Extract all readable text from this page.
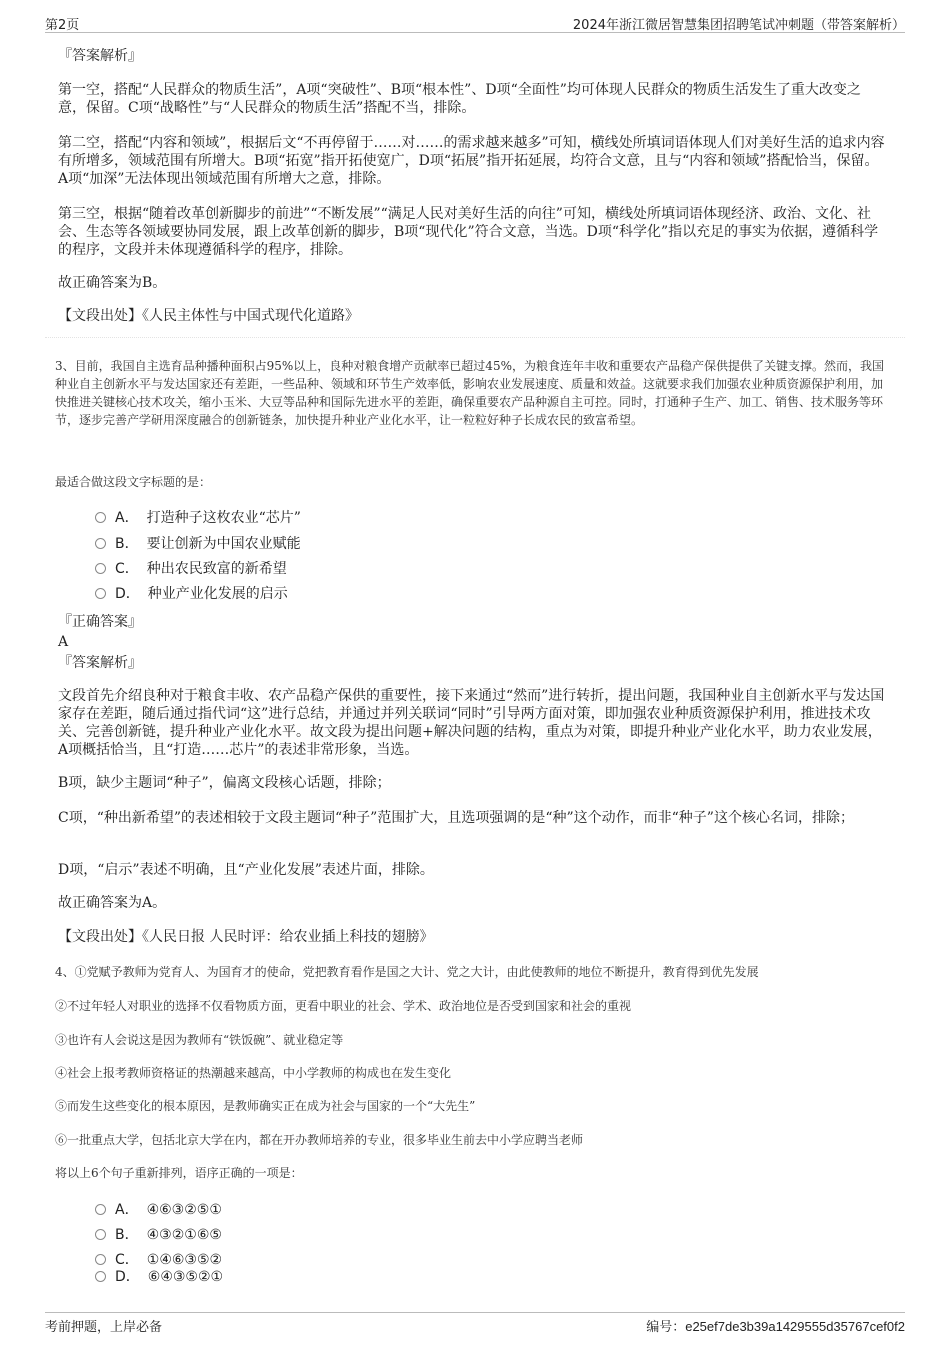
第2页	2024年浙江微居智慧集团招聘笔试冲刺题（带答案解析）
『答案解析』
第一空，搭配“人民群众的物质生活”，A项“突破性”、B项“根本性”、D项“全面性”均可体现人民群众的物质生活发生了重大改变之意，保留。C项“战略性”与“人民群众的物质生活”搭配不当，排除。
第二空，搭配“内容和领域”，根据后文“不再停留于……对……的需求越来越多”可知，横线处所填词语体现人们对美好生活的追求内容有所增多，领域范围有所增大。B项“拓宽”指开拓使宽广，D项“拓展”指开拓延展，均符合文意，且与“内容和领域”搭配恰当，保留。A项“加深”无法体现出领域范围有所增大之意，排除。
第三空，根据“随着改革创新脚步的前进”“不断发展”“满足人民对美好生活的向往”可知，横线处所填词语体现经济、政治、文化、社会、生态等各领域要协同发展，跟上改革创新的脚步，B项“现代化”符合文意，当选。D项“科学化”指以充足的事实为依据，遵循科学的程序，文段并未体现遵循科学的程序，排除。
故正确答案为B。
【文段出处】《人民主体性与中国式现代化道路》
3、目前，我国自主选育品种播种面积占95%以上，良种对粮食增产贡献率已超过45%，为粮食连年丰收和重要农产品稳产保供提供了关键支撑。然而，我国种业自主创新水平与发达国家还有差距，一些品种、领域和环节生产效率低，影响农业发展速度、质量和效益。这就要求我们加强农业种质资源保护利用，加快推进关键核心技术攻关，缩小玉米、大豆等品种和国际先进水平的差距，确保重要农产品种源自主可控。同时，打通种子生产、加工、销售、技术服务等环节，逐步完善产学研用深度融合的创新链条，加快提升种业产业化水平，让一粒粒好种子长成农民的致富希望。
最适合做这段文字标题的是：
A． 打造种子这枚农业“芯片”
B． 要让创新为中国农业赋能
C． 种出农民致富的新希望
D． 种业产业化发展的启示
『正确答案』
A
『答案解析』
文段首先介绍良种对于粮食丰收、农产品稳产保供的重要性，接下来通过“然而”进行转折，提出问题，我国种业自主创新水平与发达国家存在差距，随后通过指代词“这”进行总结，并通过并列关联词“同时”引导两方面对策，即加强农业种质资源保护利用，推进技术攻关、完善创新链，提升种业产业化水平。故文段为提出问题+解决问题的结构，重点为对策，即提升种业产业化水平，助力农业发展，A项概括恰当，且“打造……芯片”的表述非常形象，当选。
B项，缺少主题词“种子”，偏离文段核心话题，排除；
C项，“种出新希望”的表述相较于文段主题词“种子”范围扩大，且选项强调的是“种”这个动作，而非“种子”这个核心名词，排除；
D项，“启示”表述不明确，且“产业化发展”表述片面，排除。
故正确答案为A。
【文段出处】《人民日报 人民时评：给农业插上科技的翅膀》
4、①党赋予教师为党育人、为国育才的使命，党把教育看作是国之大计、党之大计，由此使教师的地位不断提升，教育得到优先发展
②不过年轻人对职业的选择不仅看物质方面，更看中职业的社会、学术、政治地位是否受到国家和社会的重视
③也许有人会说这是因为教师有“铁饭碗”、就业稳定等
④社会上报考教师资格证的热潮越来越高，中小学教师的构成也在发生变化
⑤而发生这些变化的根本原因，是教师确实正在成为社会与国家的一个“大先生”
⑥一批重点大学，包括北京大学在内，都在开办教师培养的专业，很多毕业生前去中小学应聘当老师
将以上6个句子重新排列，语序正确的一项是：
A． ④⑥③②⑤①
B． ④③②①⑥⑤
C． ①④⑥③⑤②
D． ⑥④③⑤②①
考前押题，上岸必备	编号：e25ef7de3b39a1429555d35767cef0f2
